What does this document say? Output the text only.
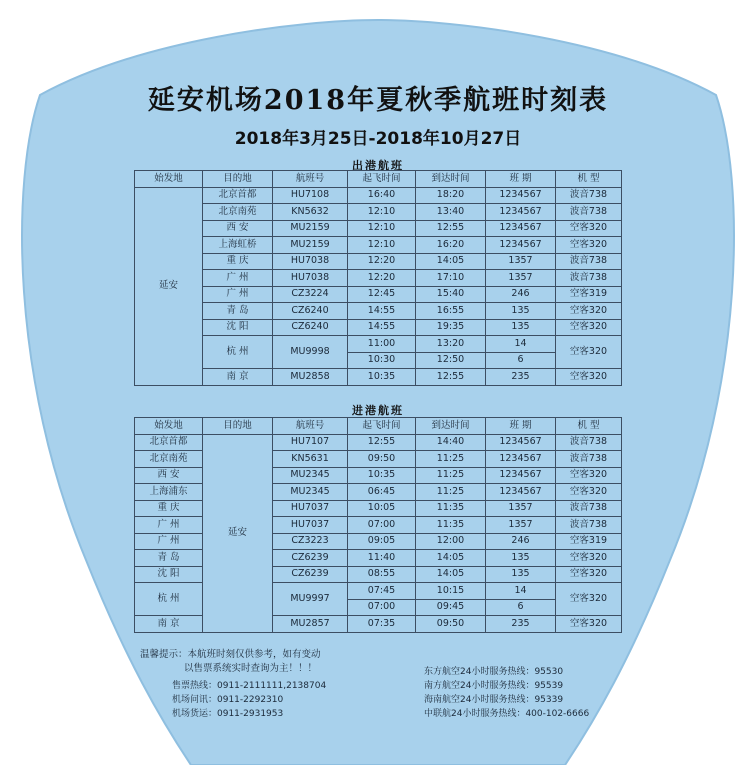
延安机场2018年夏秋季航班时刻表
2018年3月25日-2018年10月27日
出港航班
始发地	目的地	航班号	起飞时间	到达时间	班 期	机 型
延安	北京首都	HU7108	16:40	18:20	1234567	波音738
	北京南苑	KN5632	12:10	13:40	1234567	波音738
	西 安	MU2159	12:10	12:55	1234567	空客320
	上海虹桥	MU2159	12:10	16:20	1234567	空客320
	重 庆	HU7038	12:20	14:05	1357	波音738
	广 州	HU7038	12:20	17:10	1357	波音738
	广 州	CZ3224	12:45	15:40	246	空客319
	青 岛	CZ6240	14:55	16:55	135	空客320
	沈 阳	CZ6240	14:55	19:35	135	空客320
	杭 州	MU9998	11:00	13:20	14	空客320
			10:30	12:50	6	
	南 京	MU2858	10:35	12:55	235	空客320
进港航班
始发地	目的地	航班号	起飞时间	到达时间	班 期	机 型
北京首都	延安	HU7107	12:55	14:40	1234567	波音738
北京南苑		KN5631	09:50	11:25	1234567	波音738
西 安		MU2345	10:35	11:25	1234567	空客320
上海浦东		MU2345	06:45	11:25	1234567	空客320
重 庆		HU7037	10:05	11:35	1357	波音738
广 州		HU7037	07:00	11:35	1357	波音738
广 州		CZ3223	09:05	12:00	246	空客319
青 岛		CZ6239	11:40	14:05	135	空客320
沈 阳		CZ6239	08:55	14:05	135	空客320
杭 州		MU9997	07:45	10:15	14	空客320
			07:00	09:45	6	
南 京		MU2857	07:35	09:50	235	空客320
温馨提示：本航班时刻仅供参考，如有变动
以售票系统实时查询为主！！！
售票热线：0911-2111111,2138704
机场问讯：0911-2292310
机场货运：0911-2931953
东方航空24小时服务热线：95530
南方航空24小时服务热线：95539
海南航空24小时服务热线：95339
中联航24小时服务热线：400-102-6666
